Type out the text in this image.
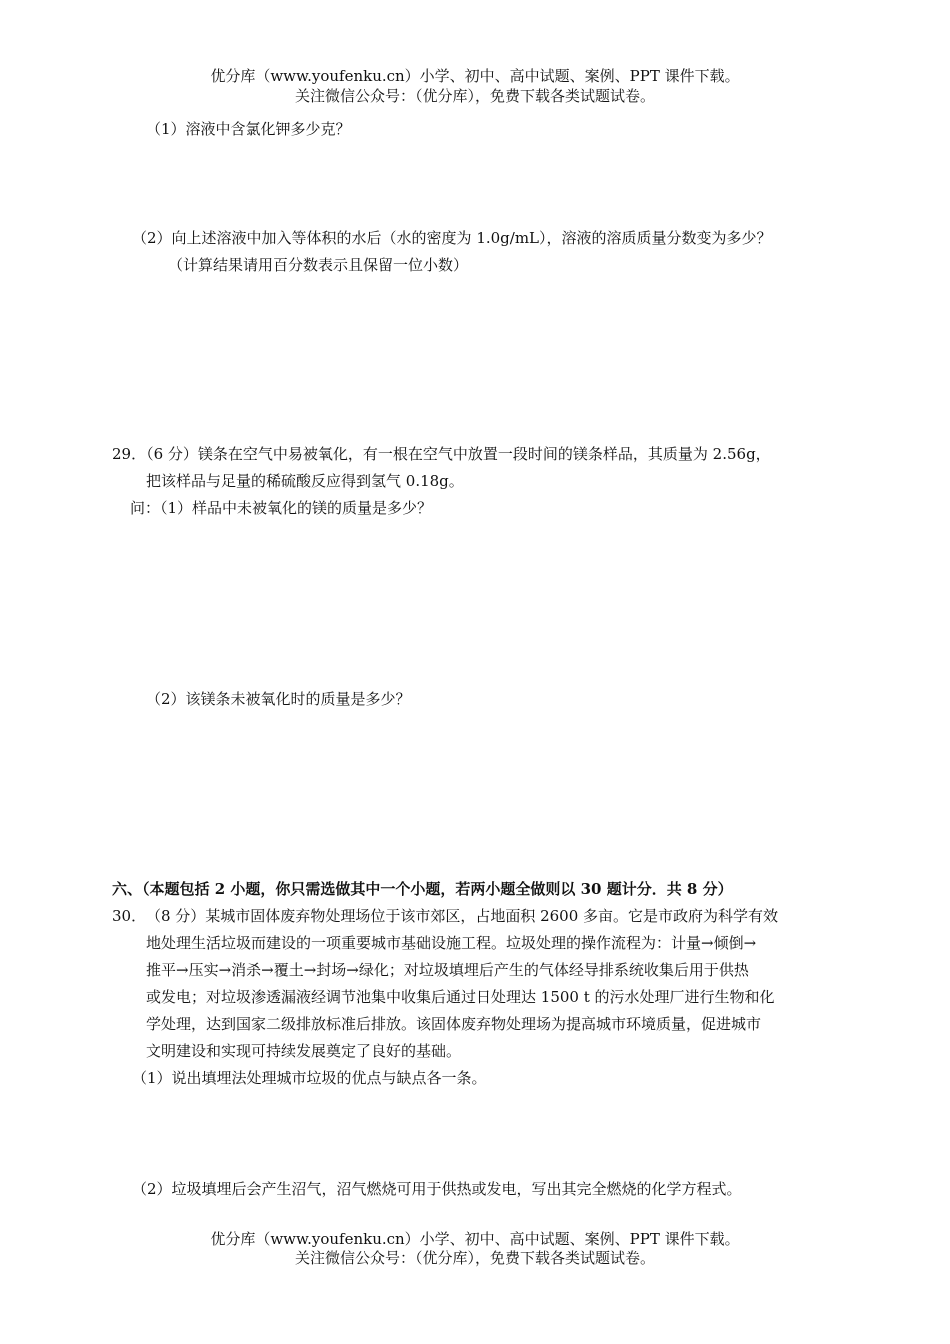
优分库（www.youfenku.cn）小学、初中、高中试题、案例、PPT 课件下载。
关注微信公众号：（优分库），免费下载各类试题试卷。
（1）溶液中含氯化钾多少克？
（2）向上述溶液中加入等体积的水后（水的密度为 1.0g/mL），溶液的溶质质量分数变为多少？
（计算结果请用百分数表示且保留一位小数）
29．（6 分）镁条在空气中易被氧化，有一根在空气中放置一段时间的镁条样品，其质量为 2.56g，
把该样品与足量的稀硫酸反应得到氢气 0.18g。
问：（1）样品中未被氧化的镁的质量是多少？
（2）该镁条未被氧化时的质量是多少？
六、（本题包括 2 小题，你只需选做其中一个小题，若两小题全做则以 30 题计分．共 8 分）
30． （8 分）某城市固体废弃物处理场位于该市郊区，占地面积 2600 多亩。它是市政府为科学有效
地处理生活垃圾而建设的一项重要城市基础设施工程。垃圾处理的操作流程为：计量→倾倒→
推平→压实→消杀→覆土→封场→绿化；对垃圾填埋后产生的气体经导排系统收集后用于供热
或发电；对垃圾渗透漏液经调节池集中收集后通过日处理达 1500 t 的污水处理厂进行生物和化
学处理，达到国家二级排放标准后排放。该固体废弃物处理场为提高城市环境质量，促进城市
文明建设和实现可持续发展奠定了良好的基础。
（1）说出填埋法处理城市垃圾的优点与缺点各一条。
（2）垃圾填埋后会产生沼气，沼气燃烧可用于供热或发电，写出其完全燃烧的化学方程式。
优分库（www.youfenku.cn）小学、初中、高中试题、案例、PPT 课件下载。
关注微信公众号：（优分库），免费下载各类试题试卷。
